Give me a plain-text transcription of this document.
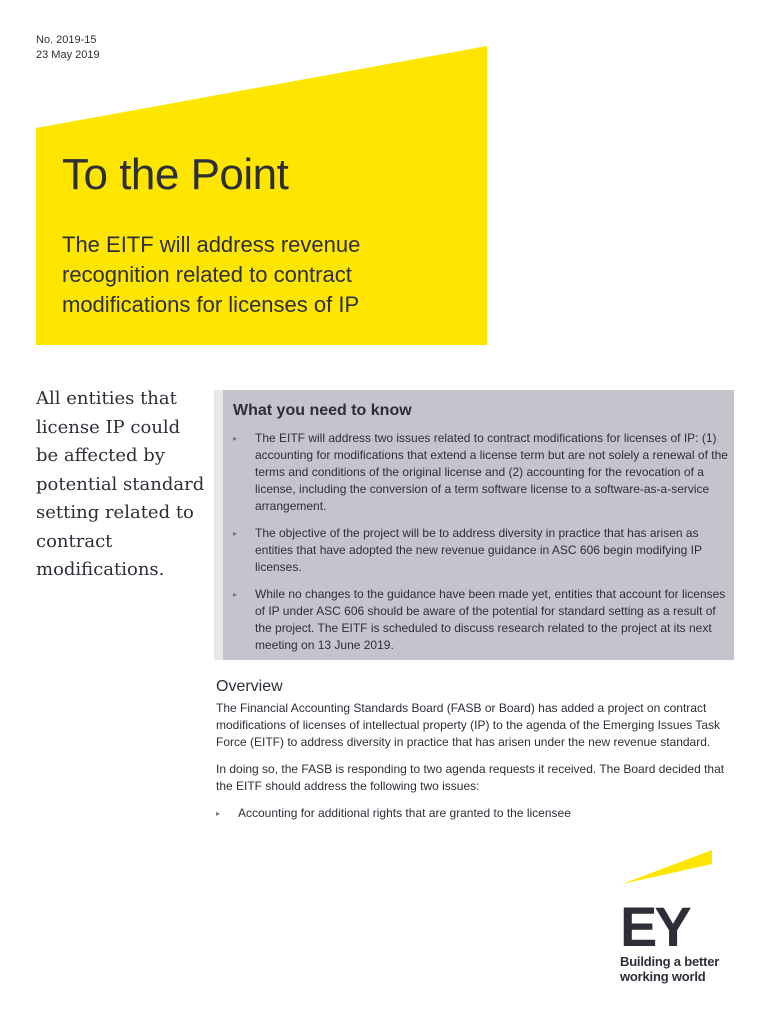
No. 2019-15
23 May 2019
To the Point
The EITF will address revenue recognition related to contract modifications for licenses of IP

All entities that license IP could be affected by potential standard setting related to contract modifications.

What you need to know
▸ The EITF will address two issues related to contract modifications for licenses of IP: (1) accounting for modifications that extend a license term but are not solely a renewal of the terms and conditions of the original license and (2) accounting for the revocation of a license, including the conversion of a term software license to a software-as-a-service arrangement.
▸ The objective of the project will be to address diversity in practice that has arisen as entities that have adopted the new revenue guidance in ASC 606 begin modifying IP licenses.
▸ While no changes to the guidance have been made yet, entities that account for licenses of IP under ASC 606 should be aware of the potential for standard setting as a result of the project. The EITF is scheduled to discuss research related to the project at its next meeting on 13 June 2019.
Overview

The Financial Accounting Standards Board (FASB or Board) has added a project on contract modifications of licenses of intellectual property (IP) to the agenda of the Emerging Issues Task Force (EITF) to address diversity in practice that has arisen under the new revenue standard.

In doing so, the FASB is responding to two agenda requests it received. The Board decided that the EITF should address the following two issues:

▸ Accounting for additional rights that are granted to the licensee
EY
Building a better
working world
